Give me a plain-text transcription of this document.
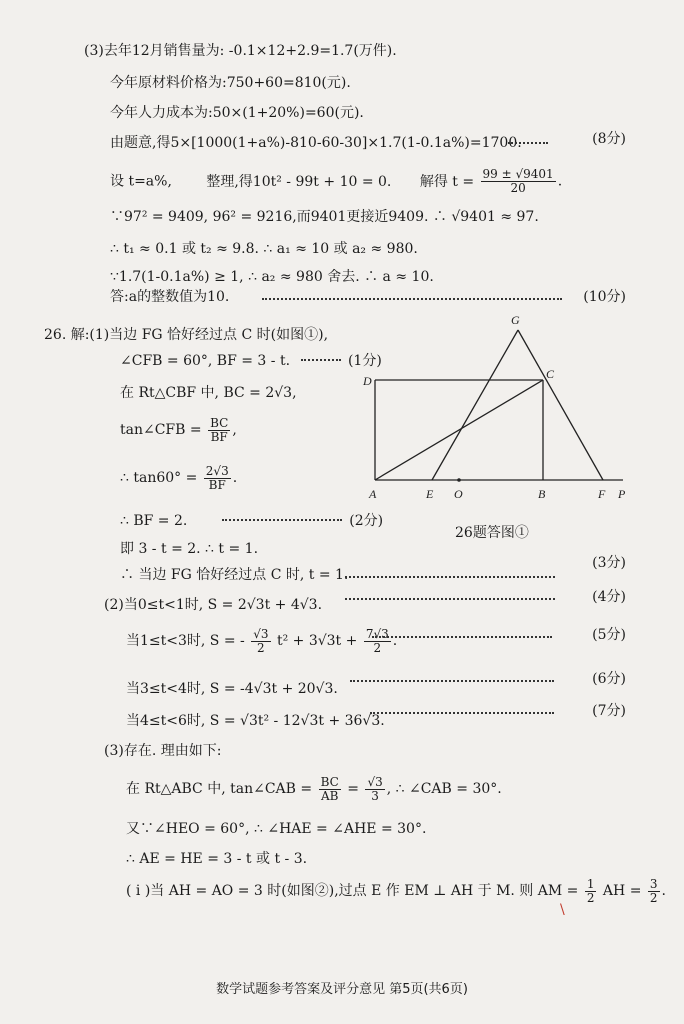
(3)去年12月销售量为: -0.1×12+2.9=1.7(万件).
今年原材料价格为:750+60=810(元).
今年人力成本为:50×(1+20%)=60(元).
由题意,得5×[1000(1+a%)-810-60-30]×1.7(1-0.1a%)=1700.	(8分)
设 t=a%, 整理,得10t² - 99t + 10 = 0. 解得 $t = \frac{99 \pm √9401}{20}$ .
∵97² = 9409, 96² = 9216,而9401更接近9409. ∴ √9401 ≈ 97.
∴ t₁ ≈ 0.1 或 t₂ ≈ 9.8. ∴ a₁ ≈ 10 或 a₂ ≈ 980.
∵1.7(1-0.1a%) ≥ 1, ∴ a₂ ≈ 980 舍去. ∴ a ≈ 10.
答:a的整数值为10.	(10分)
26. 解:(1)当边 FG 恰好经过点 C 时(如图①),
∠CFB = 60°, BF = 3 - t.	(1分)
在 Rt△CBF 中, BC = 2√3,
tan∠CFB = $\frac{BC}{BF}$ ,
∴ $\tan 60^\circ = \frac{2√3}{BF}$ .
∴ BF = 2.	(2分)
即 3 - t = 2. ∴ t = 1.
∴ 当边 FG 恰好经过点 C 时, t = 1.
(3分)
(2)当0≤t<1时, S = 2√3t + 4√3.	(4分)
当1≤t<3时, S = - $\frac{√3}{2} t^2 + 3√3t + \frac{7√3}{2}$ .	(5分)
当3≤t<4时, S = -4√3t + 20√3.
(6分)
当4≤t<6时, S = √3t² - 12√3t + 36√3.
(7分)
(3)存在. 理由如下:
在 Rt△ABC 中, tan∠CAB = $\frac{BC}{AB} = \frac{√3}{3}$ , ∴ ∠CAB = 30°.
又∵∠HEO = 60°, ∴ ∠HAE = ∠AHE = 30°.
∴ AE = HE = 3 - t 或 t - 3.
( i )当 AH = AO = 3 时(如图②),过点 E 作 EM ⊥ AH 于 M. 则 AM = $\frac{1}{2}$ AH = $\frac{3}{2}$ .
\
G
D	C
A	E O	B	F P
26题答图①
数学试题参考答案及评分意见 第5页(共6页)
